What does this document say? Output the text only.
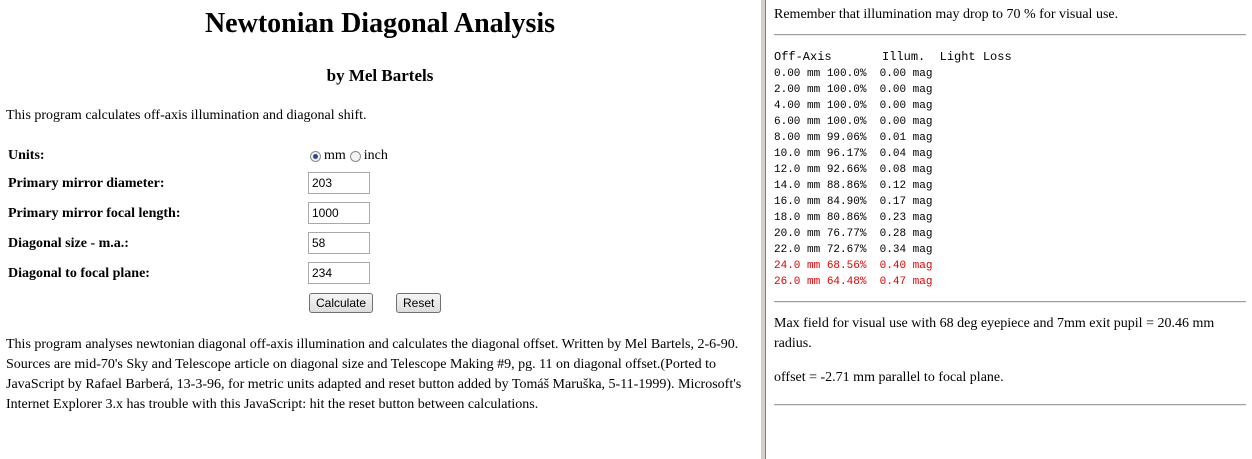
Newtonian Diagonal Analysis
by Mel Bartels

This program calculates off-axis illumination and diagonal shift.

Units:	mm inch
Primary mirror diameter:
203
Primary mirror focal length:
1000
Diagonal size - m.a.:
58
Diagonal to focal plane:
234
Calculate	Reset

This program analyses newtonian diagonal off-axis illumination and calculates the diagonal offset. Written by Mel Bartels, 2-6-90. Sources are mid-70's Sky and Telescope article on diagonal size and Telescope Making #9, pg. 11 on diagonal offset.(Ported to JavaScript by Rafael Barberá, 13-3-96, for metric units adapted and reset button added by Tomáš Maruška, 5-11-1999). Microsoft's Internet Explorer 3.x has trouble with this JavaScript: hit the reset button between calculations.

Remember that illumination may drop to 70 % for visual use.

Off-Axis       Illum.  Light Loss
0.00 mm 100.0% 0.00 mag
2.00 mm 100.0% 0.00 mag
4.00 mm 100.0% 0.00 mag
6.00 mm 100.0% 0.00 mag
8.00 mm 99.06% 0.01 mag
10.0 mm 96.17% 0.04 mag
12.0 mm 92.66% 0.08 mag
14.0 mm 88.86% 0.12 mag
16.0 mm 84.90% 0.17 mag
18.0 mm 80.86% 0.23 mag
20.0 mm 76.77% 0.28 mag
22.0 mm 72.67% 0.34 mag
24.0 mm 68.56% 0.40 mag
26.0 mm 64.48% 0.47 mag

Max field for visual use with 68 deg eyepiece and 7mm exit pupil = 20.46 mm radius.

offset = -2.71 mm parallel to focal plane.
